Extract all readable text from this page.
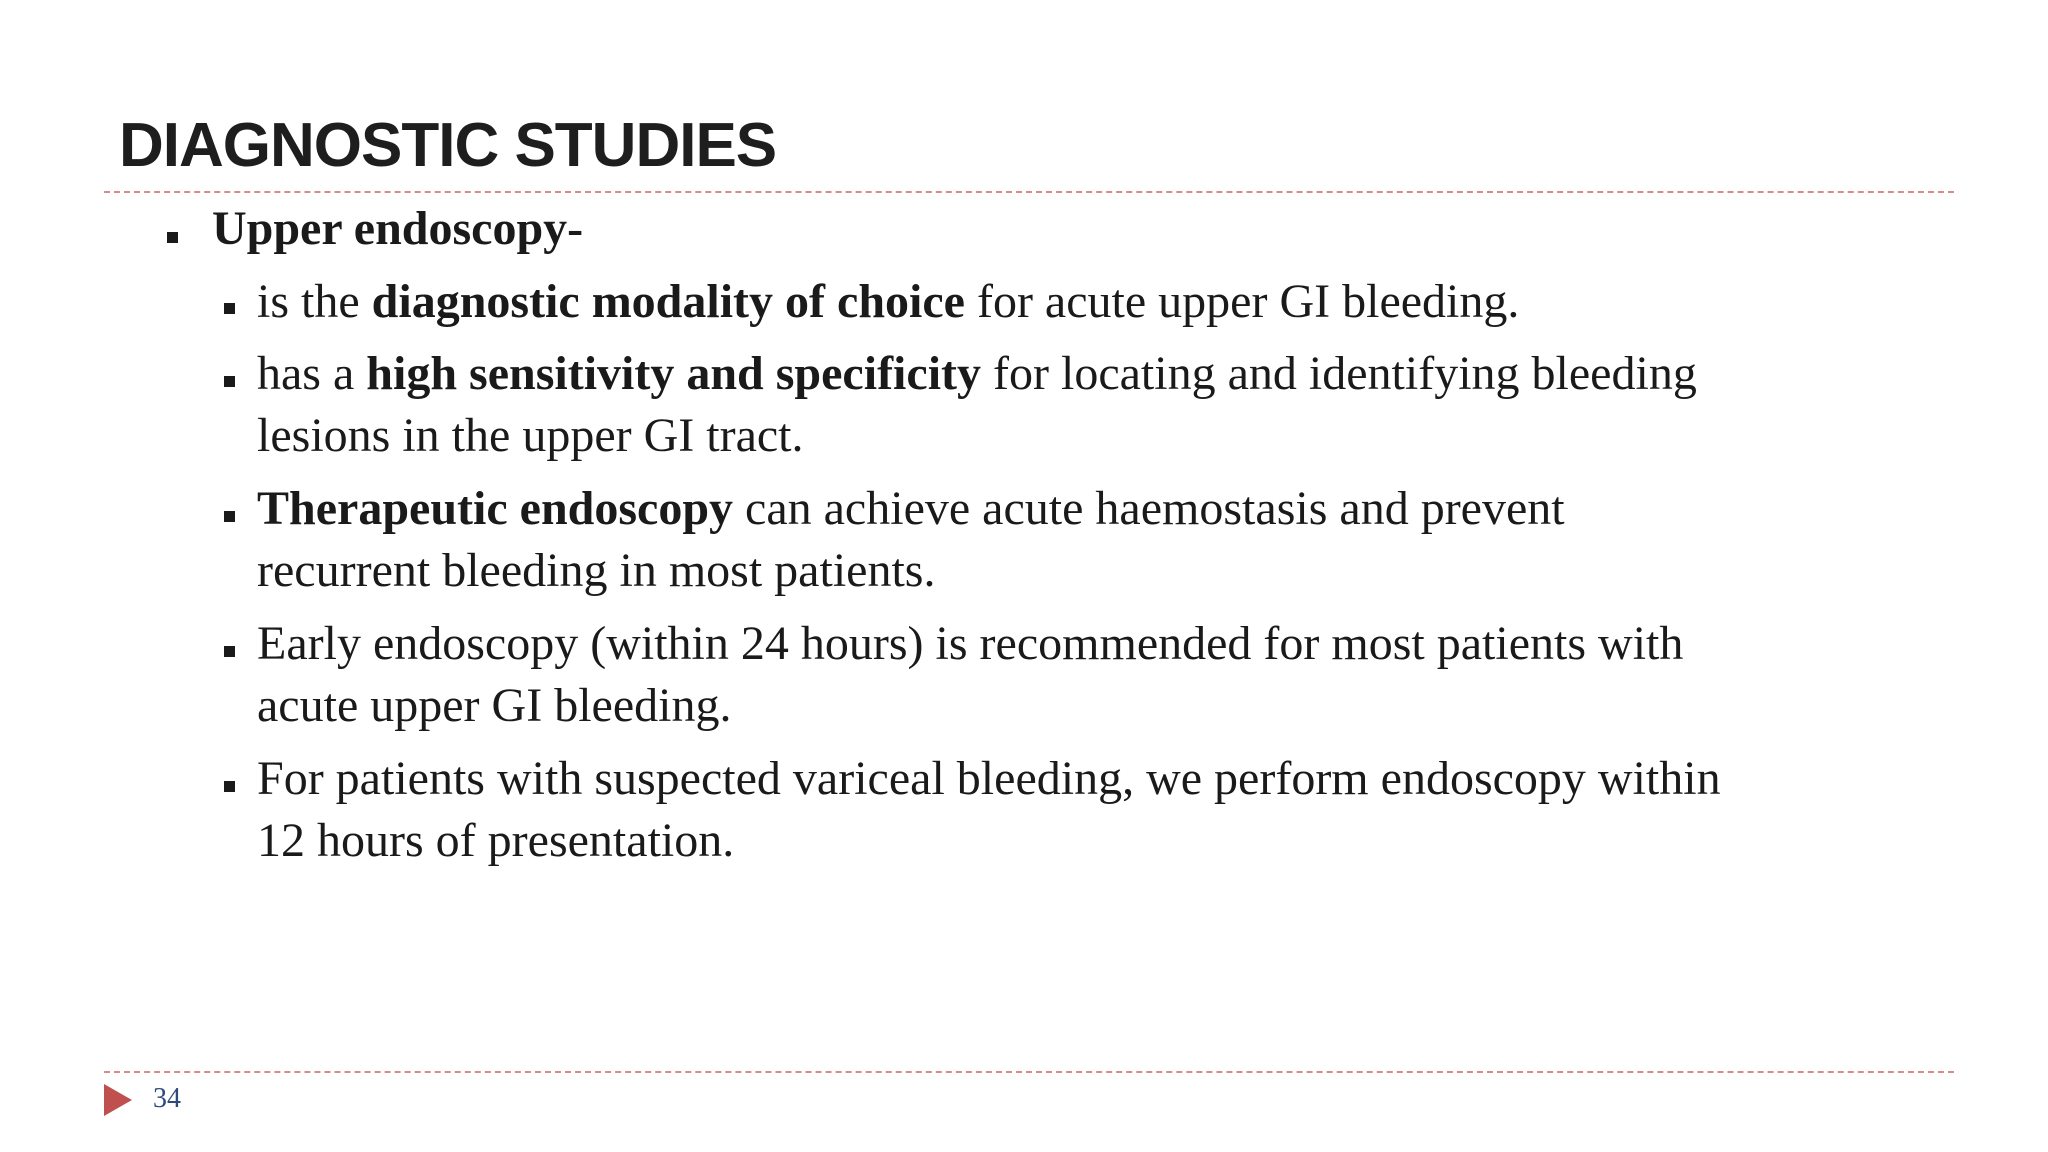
DIAGNOSTIC STUDIES
Upper endoscopy-
is the diagnostic modality of choice for acute upper GI bleeding.
has a high sensitivity and specificity for locating and identifying bleeding
lesions in the upper GI tract.
Therapeutic endoscopy can achieve acute haemostasis and prevent
recurrent bleeding in most patients.
Early endoscopy (within 24 hours) is recommended for most patients with
acute upper GI bleeding.
For patients with suspected variceal bleeding, we perform endoscopy within
12 hours of presentation.
34
